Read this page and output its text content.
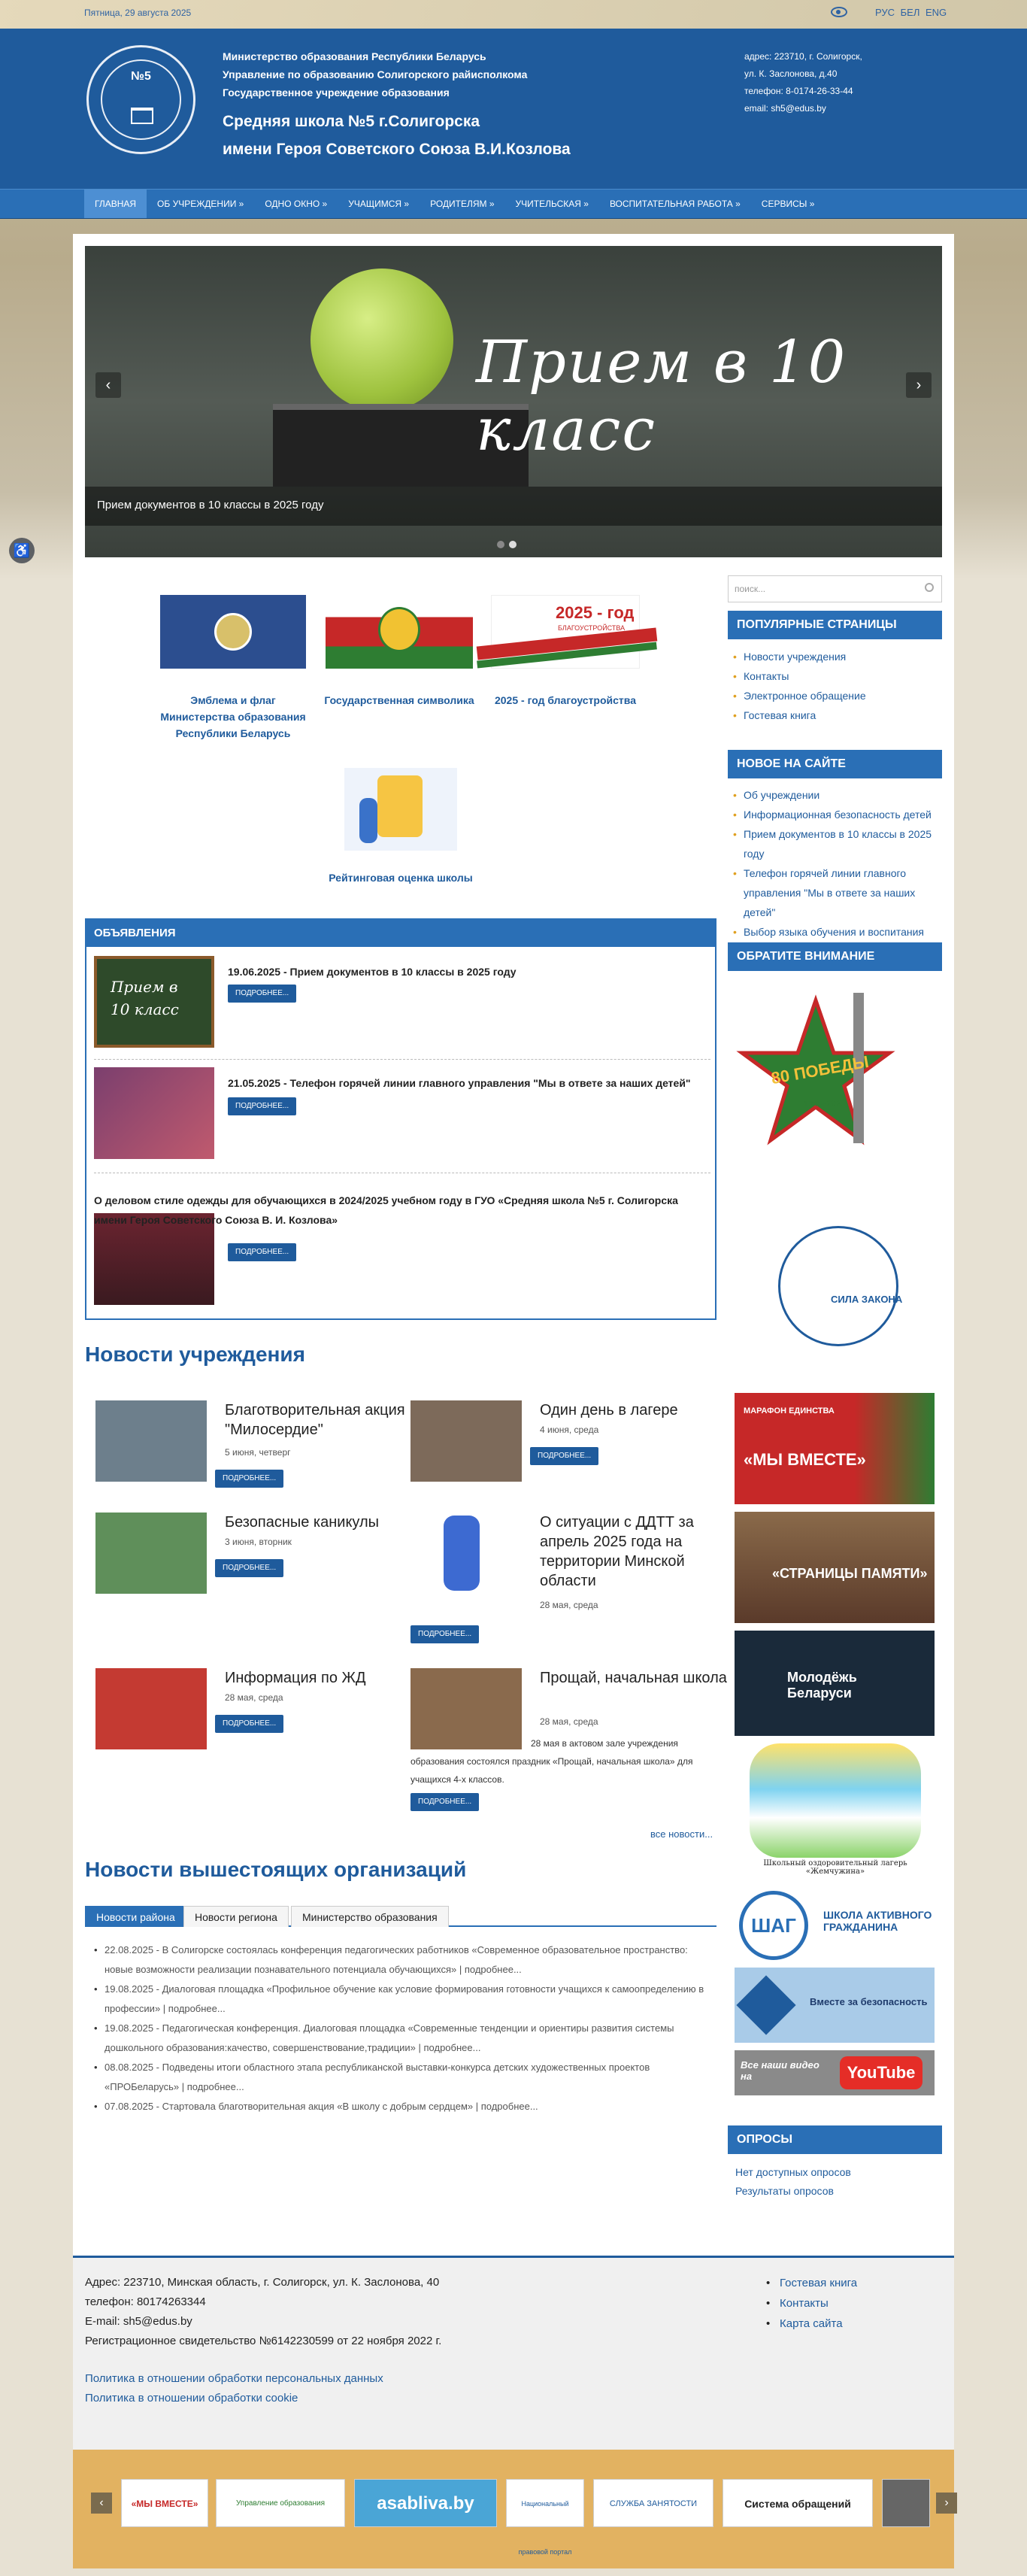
Пятница, 29 августа 2025	РУС БЕЛ ENG
№5
Министерство образования Республики Беларусь
Управление по образованию Солигорского райисполкома
Государственное учреждение образования
Средняя школа №5 г.Солигорска
имени Героя Советского Союза В.И.Козлова
адрес: 223710, г. Солигорск,
ул. К. Заслонова, д.40
телефон: 8-0174-26-33-44
email: sh5@edus.by
ГЛАВНАЯ	ОБ УЧРЕЖДЕНИИ »	ОДНО ОКНО »	УЧАЩИМСЯ »	РОДИТЕЛЯМ »	УЧИТЕЛЬСКАЯ »	ВОСПИТАТЕЛЬНАЯ РАБОТА »	СЕРВИСЫ »
Прием в 10 класс
Прием документов в 10 классы в 2025 году
‹	›
♿
Эмблема и флаг Министерства образования Республики Беларусь
Государственная символика
2025 - год
БЛАГОУСТРОЙСТВА
2025 - год благоустройства
Рейтинговая оценка школы
ОБЪЯВЛЕНИЯ
Прием в
10 класс
19.06.2025 - Прием документов в 10 классы в 2025 году
ПОДРОБНЕЕ...
21.05.2025 - Телефон горячей линии главного управления "Мы в ответе за наших детей"
ПОДРОБНЕЕ...
О деловом стиле одежды для обучающихся в 2024/2025 учебном году в ГУО «Средняя школа №5 г. Солигорска имени Героя Советского Союза В. И. Козлова»
ПОДРОБНЕЕ...
Новости учреждения
Благотворительная акция "Милосердие"
5 июня, четверг
ПОДРОБНЕЕ...
Один день в лагере
4 июня, среда
ПОДРОБНЕЕ...
Безопасные каникулы
3 июня, вторник
ПОДРОБНЕЕ...
О ситуации с ДДТТ за апрель 2025 года на территории Минской области
28 мая, среда
ПОДРОБНЕЕ...
Информация по ЖД
28 мая, среда
ПОДРОБНЕЕ...
Прощай, начальная школа
28 мая, среда
28 мая в актовом зале учреждения образования состоялся праздник «Прощай, начальная школа» для учащихся 4-х классов.
ПОДРОБНЕЕ...
все новости...
Новости вышестоящих организаций
Новости района	Новости региона	Министерство образования
• 22.08.2025 - В Солигорске состоялась конференция педагогических работников «Современное образовательное пространство: новые возможности реализации познавательного потенциала обучающихся» | подробнее...
• 19.08.2025 - Диалоговая площадка «Профильное обучение как условие формирования готовности учащихся к самоопределению в профессии» | подробнее...
• 19.08.2025 - Педагогическая конференция. Диалоговая площадка «Современные тенденции и ориентиры развития системы дошкольного образования:качество, совершенствование,традиции» | подробнее...
• 08.08.2025 - Подведены итоги областного этапа республиканской выставки-конкурса детских художественных проектов «ПРОБеларусь» | подробнее...
• 07.08.2025 - Стартовала благотворительная акция «В школу с добрым сердцем» | подробнее...
поиск...
ПОПУЛЯРНЫЕ СТРАНИЦЫ
• Новости учреждения
• Контакты
• Электронное обращение
• Гостевая книга
НОВОЕ НА САЙТЕ
• Об учреждении
• Информационная безопасность детей
• Прием документов в 10 классы в 2025 году
• Телефон горячей линии главного управления "Мы в ответе за наших детей"
• Выбор языка обучения и воспитания
ОБРАТИТЕ ВНИМАНИЕ
80 ПОБЕДЫ
1945–2025
СИЛА ЗАКОНА
МАРАФОН ЕДИНСТВА
«МЫ ВМЕСТЕ»
«СТРАНИЦЫ ПАМЯТИ»
Молодёжь Беларуси
Школьный оздоровительный лагерь «Жемчужина»
ШАГ	ШКОЛА АКТИВНОГО ГРАЖДАНИНА
Вместе за безопасность
Все наши видео на	YouTube
ОПРОСЫ
Нет доступных опросов
Результаты опросов
Адрес: 223710, Минская область, г. Солигорск, ул. К. Заслонова, 40
телефон: 80174263344
E-mail: sh5@edus.by
Регистрационное свидетельство №6142230599 от 22 ноября 2022 г.
Политика в отношении обработки персональных данных
Политика в отношении обработки cookie
• Гостевая книга
• Контакты
• Карта сайта
‹	«МЫ ВМЕСТЕ»	Управление образования	asabliva.by	Национальный правовой портал
СЛУЖБА ЗАНЯТОСТИ	Система обращений	›
